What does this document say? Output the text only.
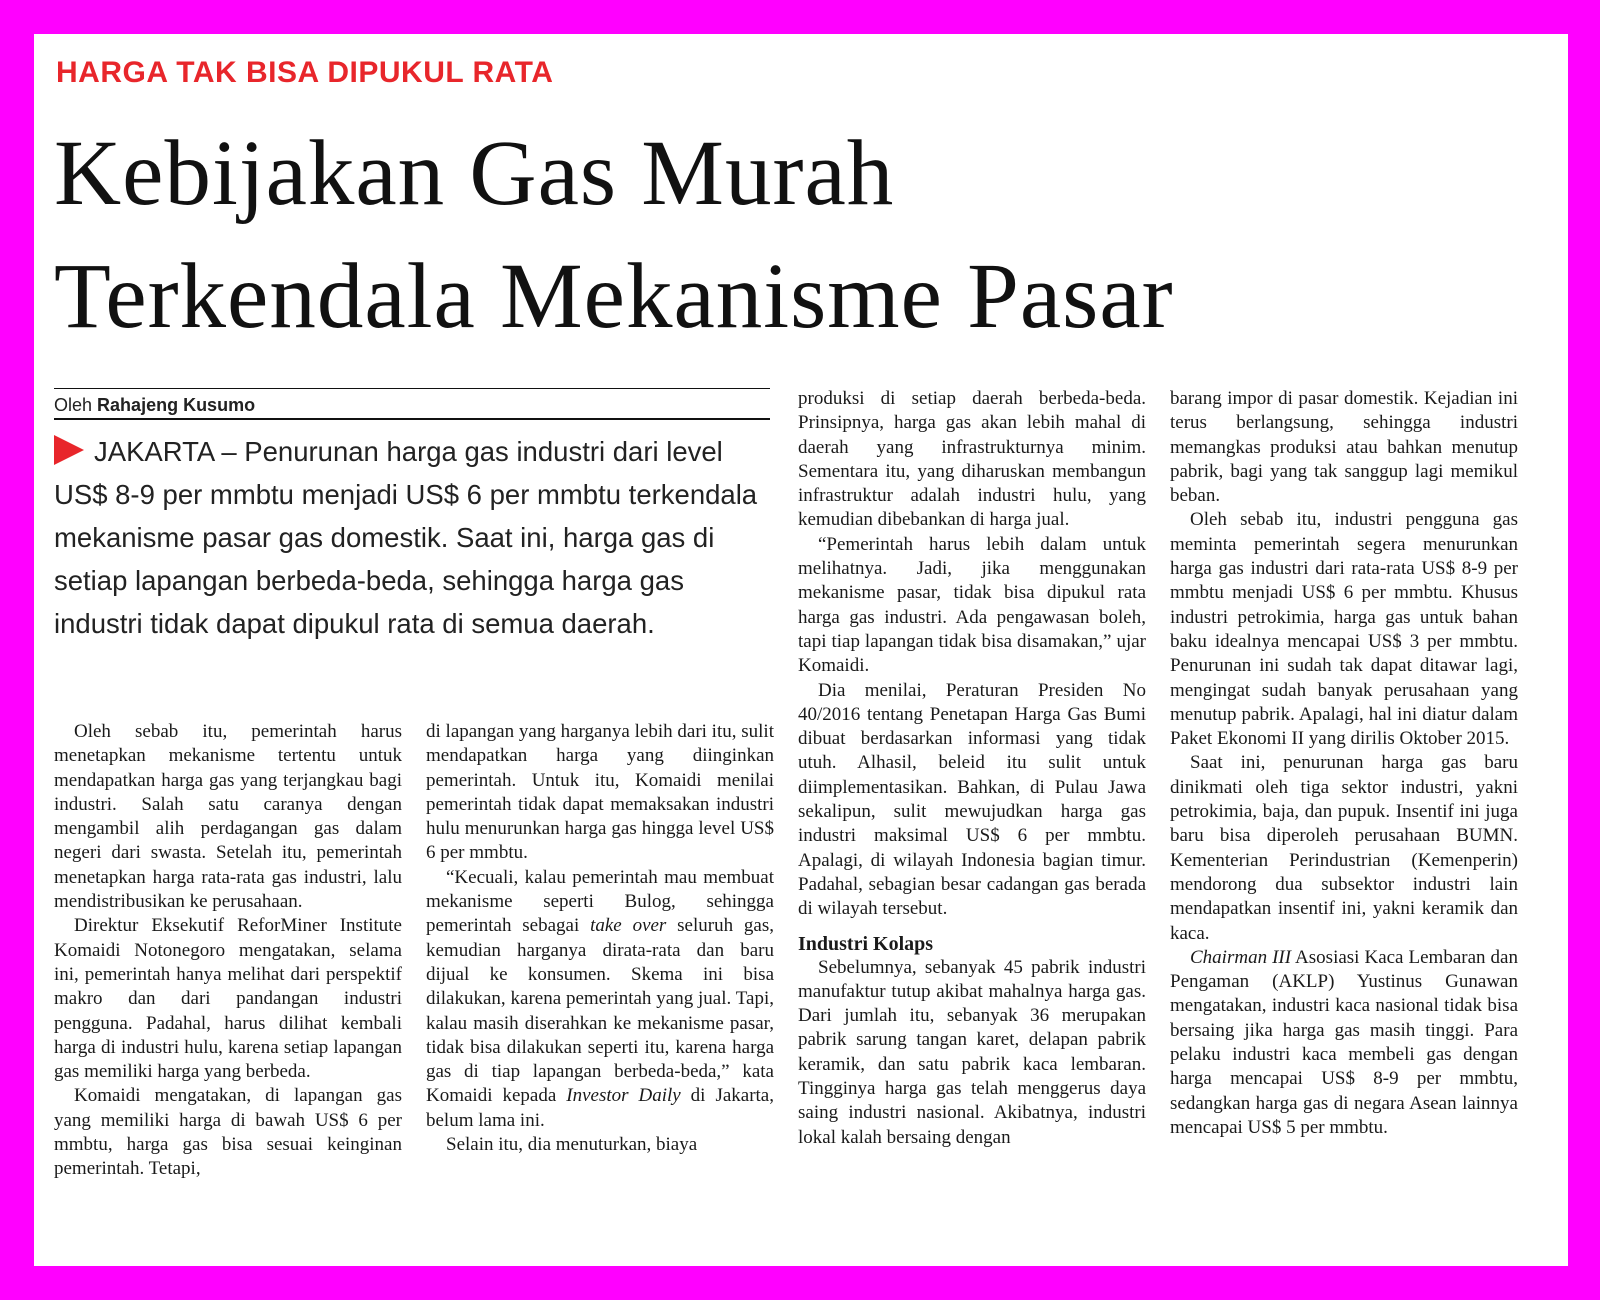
HARGA TAK BISA DIPUKUL RATA
Kebijakan Gas Murah
Terkendala Mekanisme Pasar
Oleh Rahajeng Kusumo

JAKARTA – Penurunan harga gas industri dari level US$ 8-9 per mmbtu menjadi US$ 6 per mmbtu terkendala mekanisme pasar gas domestik. Saat ini, harga gas di setiap lapangan berbeda-beda, sehingga harga gas industri tidak dapat dipukul rata di semua daerah.

Oleh sebab itu, pemerintah harus menetapkan mekanisme tertentu untuk mendapatkan harga gas yang terjangkau bagi industri. Salah satu caranya dengan mengambil alih perdagangan gas dalam negeri dari swasta. Setelah itu, pemerintah menetapkan harga rata-rata gas industri, lalu mendistribusikan ke perusahaan.

Direktur Eksekutif ReforMiner Institute Komaidi Notonegoro mengatakan, selama ini, pemerintah hanya melihat dari perspektif makro dan dari pandangan industri pengguna. Padahal, harus dilihat kembali harga di industri hulu, karena setiap lapangan gas memiliki harga yang berbeda.

Komaidi mengatakan, di lapangan gas yang memiliki harga di bawah US$ 6 per mmbtu, harga gas bisa sesuai keinginan pemerintah. Tetapi,

di lapangan yang harganya lebih dari itu, sulit mendapatkan harga yang diinginkan pemerintah. Untuk itu, Komaidi menilai pemerintah tidak dapat memaksakan industri hulu menurunkan harga gas hingga level US$ 6 per mmbtu.

“Kecuali, kalau pemerintah mau membuat mekanisme seperti Bulog, sehingga pemerintah sebagai take over seluruh gas, kemudian harganya dirata-rata dan baru dijual ke konsumen. Skema ini bisa dilakukan, karena pemerintah yang jual. Tapi, kalau masih diserahkan ke mekanisme pasar, tidak bisa dilakukan seperti itu, karena harga gas di tiap lapangan berbeda-beda,” kata Komaidi kepada Investor Daily di Jakarta, belum lama ini.

Selain itu, dia menuturkan, biaya

produksi di setiap daerah berbeda-beda. Prinsipnya, harga gas akan lebih mahal di daerah yang infrastrukturnya minim. Sementara itu, yang diharuskan membangun infrastruktur adalah industri hulu, yang kemudian dibebankan di harga jual.

“Pemerintah harus lebih dalam untuk melihatnya. Jadi, jika menggunakan mekanisme pasar, tidak bisa dipukul rata harga gas industri. Ada pengawasan boleh, tapi tiap lapangan tidak bisa disamakan,” ujar Komaidi.

Dia menilai, Peraturan Presiden No 40/2016 tentang Penetapan Harga Gas Bumi dibuat berdasarkan informasi yang tidak utuh. Alhasil, beleid itu sulit untuk diimplementasikan. Bahkan, di Pulau Jawa sekalipun, sulit mewujudkan harga gas industri maksimal US$ 6 per mmbtu. Apalagi, di wilayah Indonesia bagian timur. Padahal, sebagian besar cadangan gas berada di wilayah tersebut.

Industri Kolaps

Sebelumnya, sebanyak 45 pabrik industri manufaktur tutup akibat mahalnya harga gas. Dari jumlah itu, sebanyak 36 merupakan pabrik sarung tangan karet, delapan pabrik keramik, dan satu pabrik kaca lembaran. Tingginya harga gas telah menggerus daya saing industri nasional. Akibatnya, industri lokal kalah bersaing dengan

barang impor di pasar domestik. Kejadian ini terus berlangsung, sehingga industri memangkas produksi atau bahkan menutup pabrik, bagi yang tak sanggup lagi memikul beban.

Oleh sebab itu, industri pengguna gas meminta pemerintah segera menurunkan harga gas industri dari rata-rata US$ 8-9 per mmbtu menjadi US$ 6 per mmbtu. Khusus industri petrokimia, harga gas untuk bahan baku idealnya mencapai US$ 3 per mmbtu. Penurunan ini sudah tak dapat ditawar lagi, mengingat sudah banyak perusahaan yang menutup pabrik. Apalagi, hal ini diatur dalam Paket Ekonomi II yang dirilis Oktober 2015.

Saat ini, penurunan harga gas baru dinikmati oleh tiga sektor industri, yakni petrokimia, baja, dan pupuk. Insentif ini juga baru bisa diperoleh perusahaan BUMN. Kementerian Perindustrian (Kemenperin) mendorong dua subsektor industri lain mendapatkan insentif ini, yakni keramik dan kaca.

Chairman III Asosiasi Kaca Lembaran dan Pengaman (AKLP) Yustinus Gunawan mengatakan, industri kaca nasional tidak bisa bersaing jika harga gas masih tinggi. Para pelaku industri kaca membeli gas dengan harga mencapai US$ 8-9 per mmbtu, sedangkan harga gas di negara Asean lainnya mencapai US$ 5 per mmbtu.
